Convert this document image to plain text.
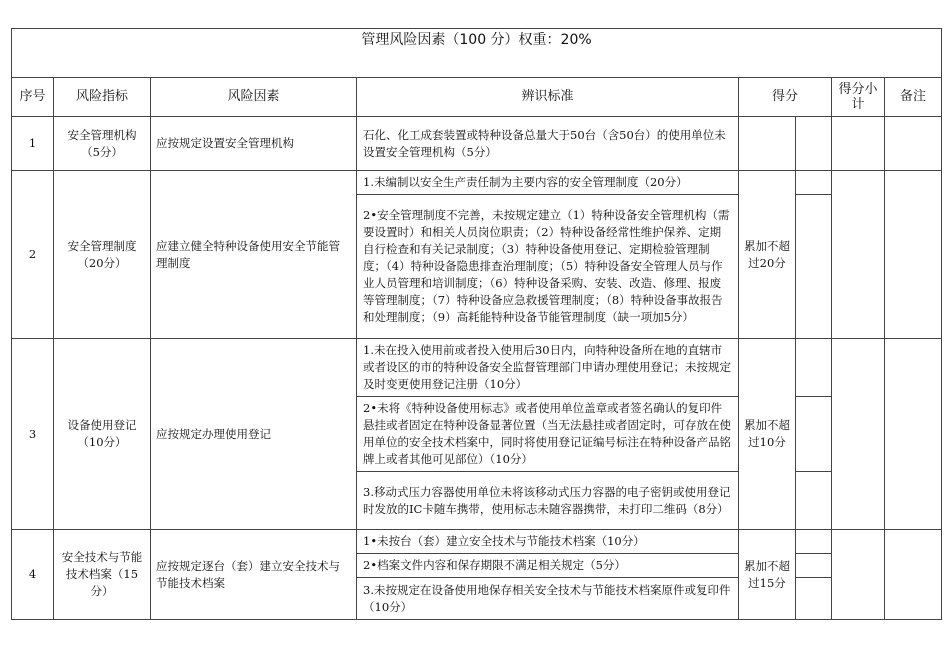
管理风险因素（100 分）权重：20%							
序号	风险指标	风险因素	辨识标准	得分		得分小计	备注
1	安全管理机构（5分）	应按规定设置安全管理机构	石化、化工成套装置或特种设备总量大于50台（含50台）的使用单位未设置安全管理机构（5分）				
2	安全管理制度（20分）	应建立健全特种设备使用安全节能管理制度	1.未编制以安全生产责任制为主要内容的安全管理制度（20分）	累加不超过20分			
			2•安全管理制度不完善，未按规定建立（1）特种设备安全管理机构（需要设置时）和相关人员岗位职责；（2）特种设备经常性维护保养、定期自行检查和有关记录制度；（3）特种设备使用登记、定期检验管理制度；（4）特种设备隐患排查治理制度；（5）特种设备安全管理人员与作业人员管理和培训制度；（6）特种设备采购、安装、改造、修理、报废等管理制度；（7）特种设备应急救援管理制度；（8）特种设备事故报告和处理制度；（9）高耗能特种设备节能管理制度（缺一项加5分）				
3	设备使用登记（10分）	应按规定办理使用登记	1.未在投入使用前或者投入使用后30日内，向特种设备所在地的直辖市或者设区的市的特种设备安全监督管理部门申请办理使用登记；未按规定及时变更使用登记注册（10分）	累加不超过10分			
			2•未将《特种设备使用标志》或者使用单位盖章或者签名确认的复印件悬挂或者固定在特种设备显著位置（当无法悬挂或者固定时，可存放在使用单位的安全技术档案中，同时将使用登记证编号标注在特种设备产品铭牌上或者其他可见部位）（10分）				
			3.移动式压力容器使用单位未将该移动式压力容器的电子密钥或使用登记时发放的IC卡随车携带，使用标志未随容器携带，未打印二维码（8分）				
4	安全技术与节能技术档案（15分）	应按规定逐台（套）建立安全技术与节能技术档案	1•未按台（套）建立安全技术与节能技术档案（10分）	累加不超过15分			
			2•档案文件内容和保存期限不满足相关规定（5分）				
			3.未按规定在设备使用地保存相关安全技术与节能技术档案原件或复印件（10分）				
